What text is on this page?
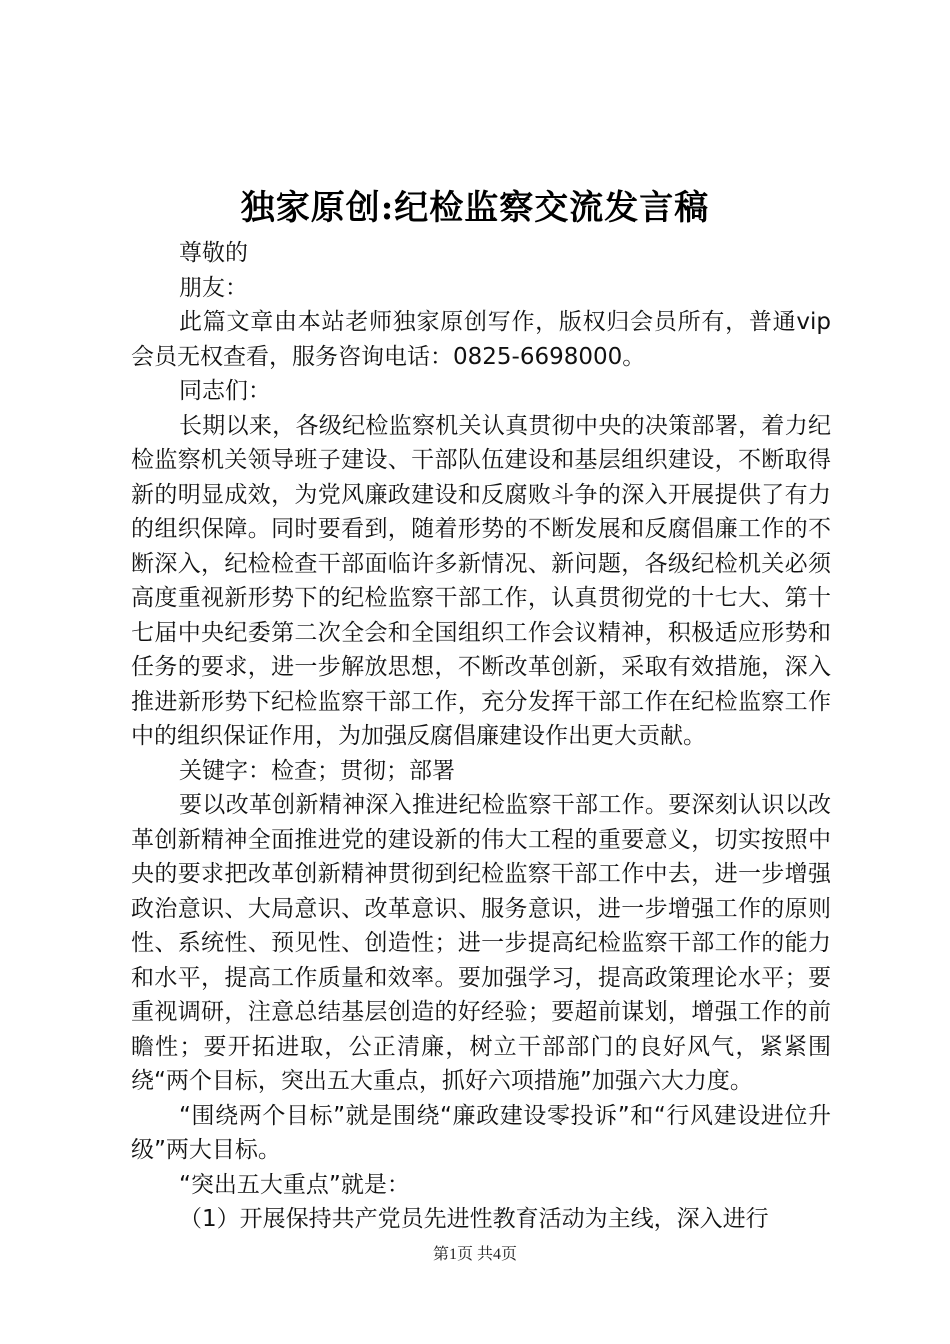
独家原创:纪检监察交流发言稿

尊敬的

朋友：

此篇文章由本站老师独家原创写作，版权归会员所有，普通vip会员无权查看，服务咨询电话：0825-6698000。

同志们：

长期以来，各级纪检监察机关认真贯彻中央的决策部署，着力纪检监察机关领导班子建设、干部队伍建设和基层组织建设，不断取得新的明显成效，为党风廉政建设和反腐败斗争的深入开展提供了有力的组织保障。同时要看到，随着形势的不断发展和反腐倡廉工作的不断深入，纪检检查干部面临许多新情况、新问题，各级纪检机关必须高度重视新形势下的纪检监察干部工作，认真贯彻党的十七大、第十七届中央纪委第二次全会和全国组织工作会议精神，积极适应形势和任务的要求，进一步解放思想，不断改革创新，采取有效措施，深入推进新形势下纪检监察干部工作，充分发挥干部工作在纪检监察工作中的组织保证作用，为加强反腐倡廉建设作出更大贡献。

关键字：检查；贯彻；部署

要以改革创新精神深入推进纪检监察干部工作。要深刻认识以改革创新精神全面推进党的建设新的伟大工程的重要意义，切实按照中央的要求把改革创新精神贯彻到纪检监察干部工作中去，进一步增强政治意识、大局意识、改革意识、服务意识，进一步增强工作的原则性、系统性、预见性、创造性；进一步提高纪检监察干部工作的能力和水平，提高工作质量和效率。要加强学习，提高政策理论水平；要重视调研，注意总结基层创造的好经验；要超前谋划，增强工作的前瞻性；要开拓进取，公正清廉，树立干部部门的良好风气，紧紧围绕“两个目标，突出五大重点，抓好六项措施”加强六大力度。

“围绕两个目标”就是围绕“廉政建设零投诉”和“行风建设进位升级”两大目标。

“突出五大重点”就是：

（1）开展保持共产党员先进性教育活动为主线，深入进行

第1页 共4页
